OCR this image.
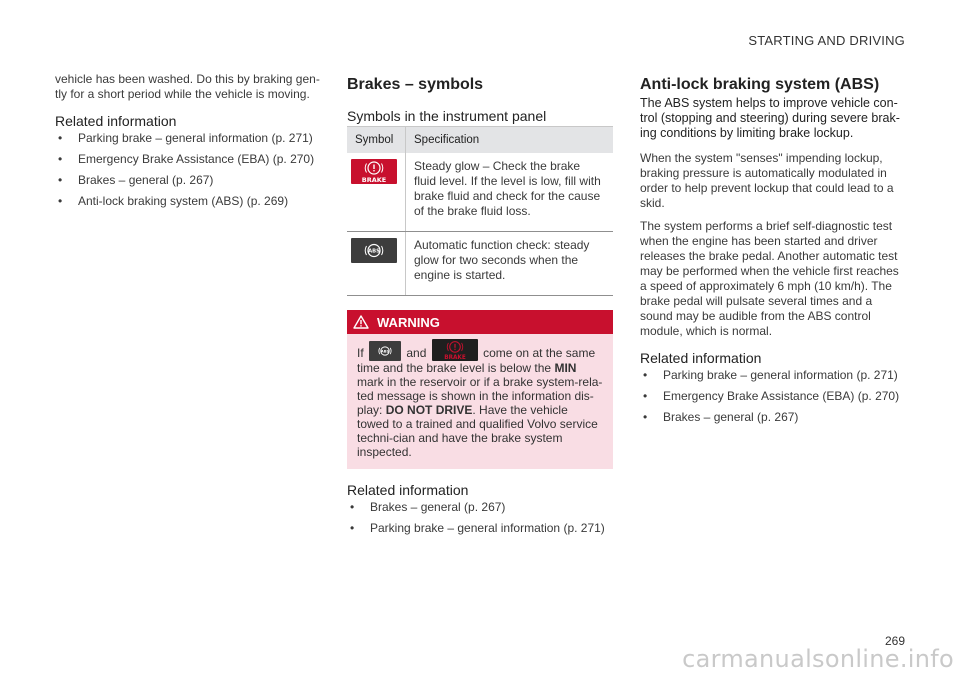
STARTING AND DRIVING

vehicle has been washed. Do this by braking gen-tly for a short period while the vehicle is moving.

Related information
• Parking brake – general information (p. 271)
• Emergency Brake Assistance (EBA) (p. 270)
• Brakes – general (p. 267)
• Anti-lock braking system (ABS) (p. 269)
Brakes – symbols
Symbols in the instrument panel
Symbol	Specification

BRAKE	Steady glow – Check the brake fluid level. If the level is low, fill with brake fluid and check for the cause of the brake fluid loss.

ABS	Automatic function check: steady glow for two seconds when the engine is started.
WARNING
If	ABS and	BRAKE come on at the same time and the brake level is below the MIN mark in the reservoir or if a brake system-rela-ted message is shown in the information dis-play: DO NOT DRIVE. Have the vehicle towed to a trained and qualified Volvo service techni-cian and have the brake system inspected.
Related information
• Brakes – general (p. 267)
• Parking brake – general information (p. 271)
Anti-lock braking system (ABS)

The ABS system helps to improve vehicle con-trol (stopping and steering) during severe brak-ing conditions by limiting brake lockup.

When the system "senses" impending lockup, braking pressure is automatically modulated in order to help prevent lockup that could lead to a skid.

The system performs a brief self-diagnostic test when the engine has been started and driver releases the brake pedal. Another automatic test may be performed when the vehicle first reaches a speed of approximately 6 mph (10 km/h). The brake pedal will pulsate several times and a sound may be audible from the ABS control module, which is normal.

Related information
• Parking brake – general information (p. 271)
• Emergency Brake Assistance (EBA) (p. 270)
• Brakes – general (p. 267)
269
carmanualsonline.info
